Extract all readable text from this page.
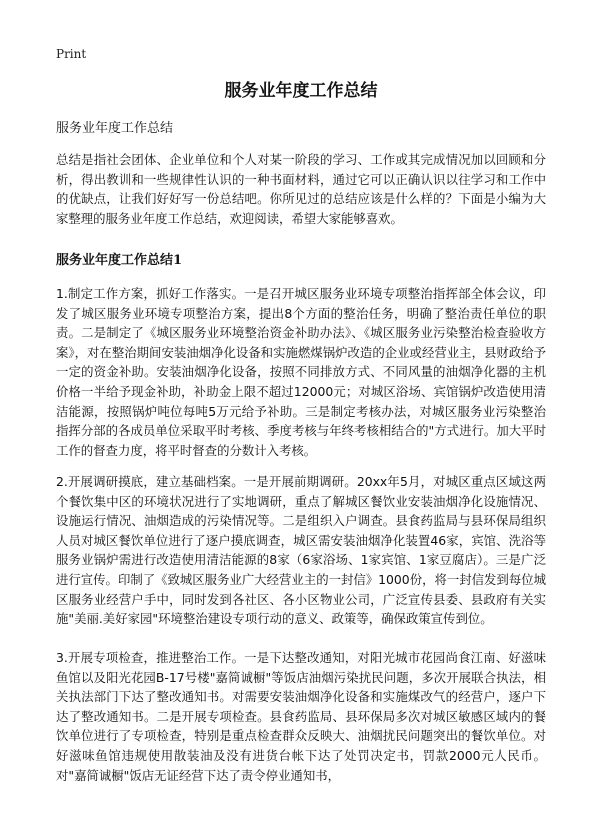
Print
服务业年度工作总结
服务业年度工作总结

总结是指社会团体、企业单位和个人对某一阶段的学习、工作或其完成情况加以回顾和分析，得出教训和一些规律性认识的一种书面材料，通过它可以正确认识以往学习和工作中的优缺点，让我们好好写一份总结吧。你所见过的总结应该是什么样的？下面是小编为大家整理的服务业年度工作总结，欢迎阅读，希望大家能够喜欢。

服务业年度工作总结1

1.制定工作方案，抓好工作落实。一是召开城区服务业环境专项整治指挥部全体会议，印发了城区服务业环境专项整治方案，提出8个方面的整治任务，明确了整治责任单位的职责。二是制定了《城区服务业环境整治资金补助办法》、《城区服务业污染整治检查验收方案》，对在整治期间安装油烟净化设备和实施燃煤锅炉改造的企业或经营业主，县财政给予一定的资金补助。安装油烟净化设备，按照不同排放方式、不同风量的油烟净化器的主机价格一半给予现金补助，补助金上限不超过12000元；对城区浴场、宾馆锅炉改造使用清洁能源，按照锅炉吨位每吨5万元给予补助。三是制定考核办法，对城区服务业污染整治指挥分部的各成员单位采取平时考核、季度考核与年终考核相结合的"方式进行。加大平时工作的督查力度，将平时督查的分数计入考核。

2.开展调研摸底，建立基础档案。一是开展前期调研。20xx年5月，对城区重点区域这两个餐饮集中区的环境状况进行了实地调研，重点了解城区餐饮业安装油烟净化设施情况、设施运行情况、油烟造成的污染情况等。二是组织入户调查。县食药监局与县环保局组织人员对城区餐饮单位进行了逐户摸底调查，城区需安装油烟净化装置46家，宾馆、洗浴等服务业锅炉需进行改造使用清洁能源的8家（6家浴场、1家宾馆、1家豆腐店）。三是广泛进行宣传。印制了《致城区服务业广大经营业主的一封信》1000份，将一封信发到每位城区服务业经营户手中，同时发到各社区、各小区物业公司，广泛宣传县委、县政府有关实施"美丽.美好家园"环境整治建设专项行动的意义、政策等，确保政策宣传到位。

3.开展专项检查，推进整治工作。一是下达整改通知，对阳光城市花园尚食江南、好滋味鱼馆以及阳光花园B-17号楼"嘉简诚橱"等饭店油烟污染扰民问题，多次开展联合执法，相关执法部门下达了整改通知书。对需要安装油烟净化设备和实施煤改气的经营户，逐户下达了整改通知书。二是开展专项检查。县食药监局、县环保局多次对城区敏感区域内的餐饮单位进行了专项检查，特别是重点检查群众反映大、油烟扰民问题突出的餐饮单位。对好滋味鱼馆违规使用散装油及没有进货台帐下达了处罚决定书，罚款2000元人民币。对"嘉简诚橱"饭店无证经营下达了责令停业通知书，
